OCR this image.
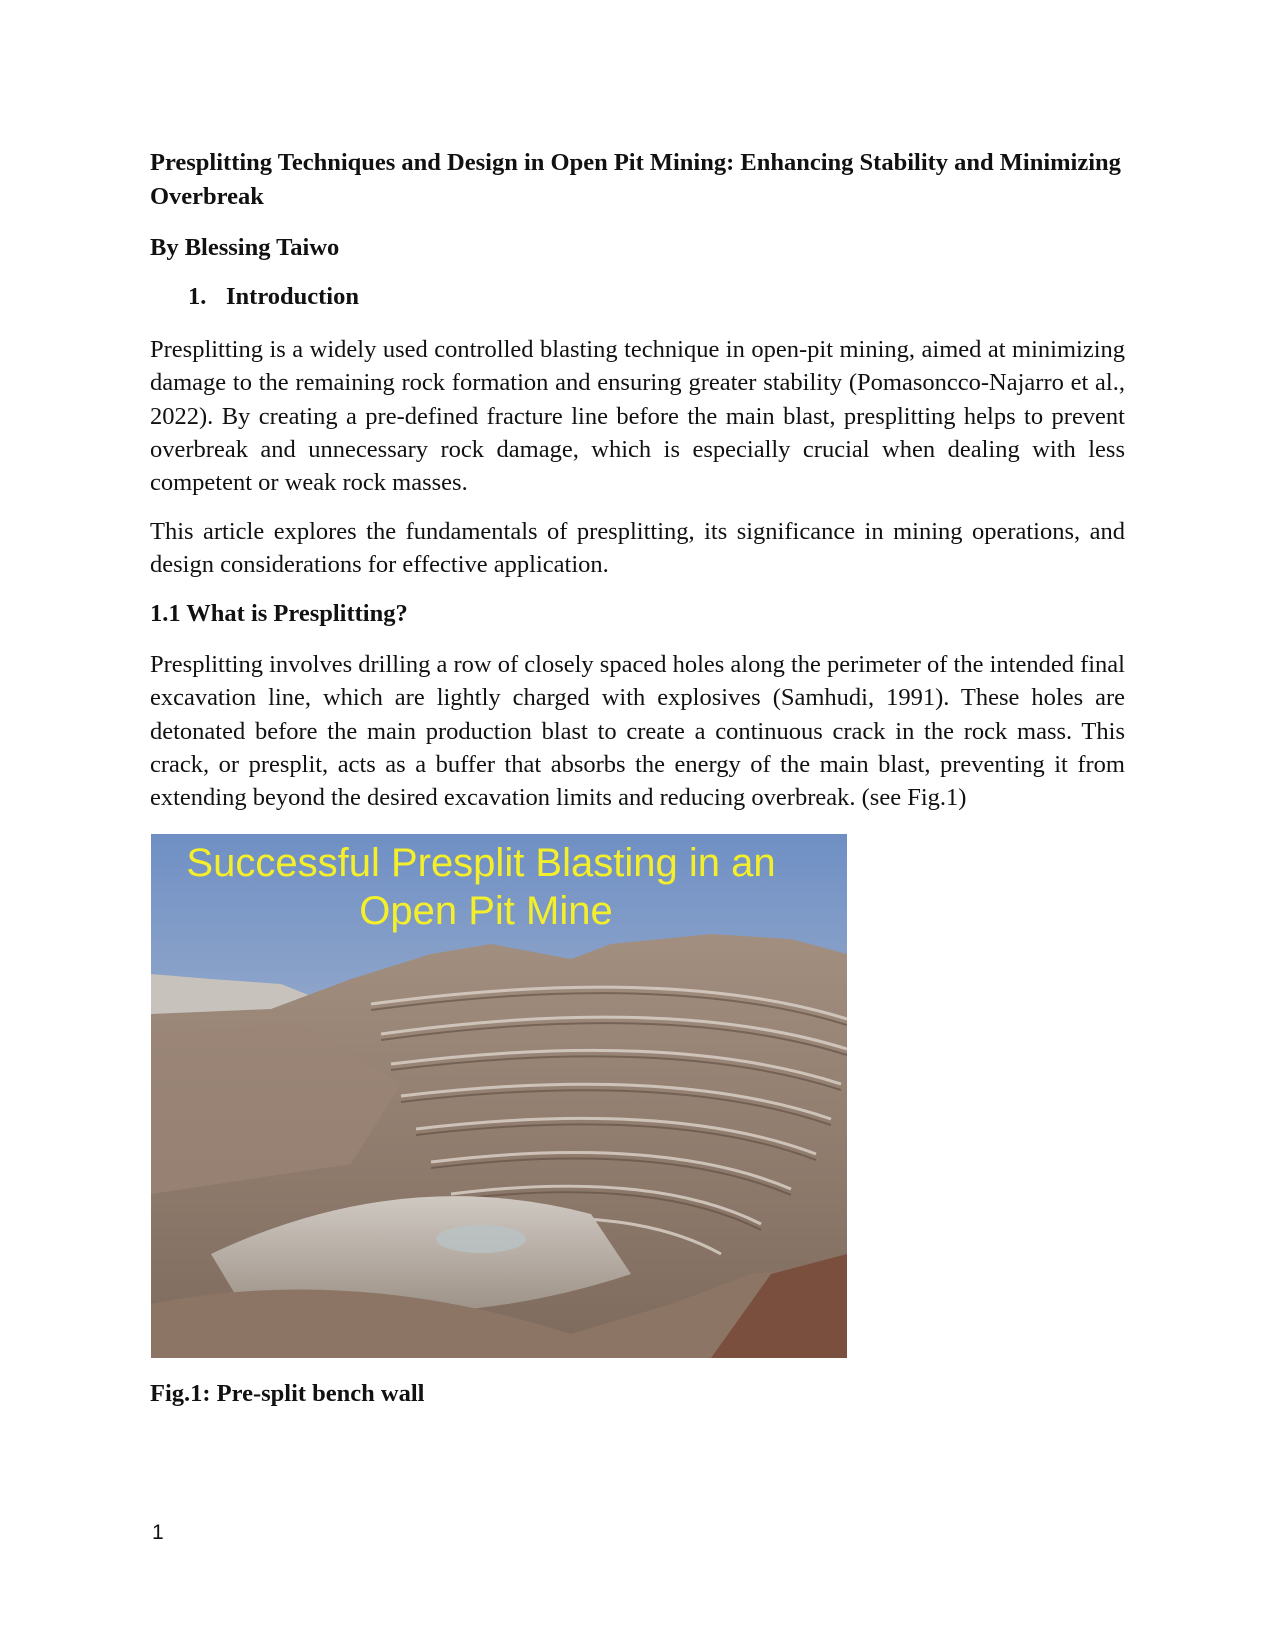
Presplitting Techniques and Design in Open Pit Mining: Enhancing Stability and Minimizing Overbreak

By Blessing Taiwo

1. Introduction

Presplitting is a widely used controlled blasting technique in open-pit mining, aimed at minimizing damage to the remaining rock formation and ensuring greater stability (Pomasoncco-Najarro et al., 2022). By creating a pre-defined fracture line before the main blast, presplitting helps to prevent overbreak and unnecessary rock damage, which is especially crucial when dealing with less competent or weak rock masses.

This article explores the fundamentals of presplitting, its significance in mining operations, and design considerations for effective application.

1.1 What is Presplitting?

Presplitting involves drilling a row of closely spaced holes along the perimeter of the intended final excavation line, which are lightly charged with explosives (Samhudi, 1991). These holes are detonated before the main production blast to create a continuous crack in the rock mass. This crack, or presplit, acts as a buffer that absorbs the energy of the main blast, preventing it from extending beyond the desired excavation limits and reducing overbreak. (see Fig.1)

Successful Presplit Blasting in an
Open Pit Mine

Fig.1: Pre-split bench wall

1
